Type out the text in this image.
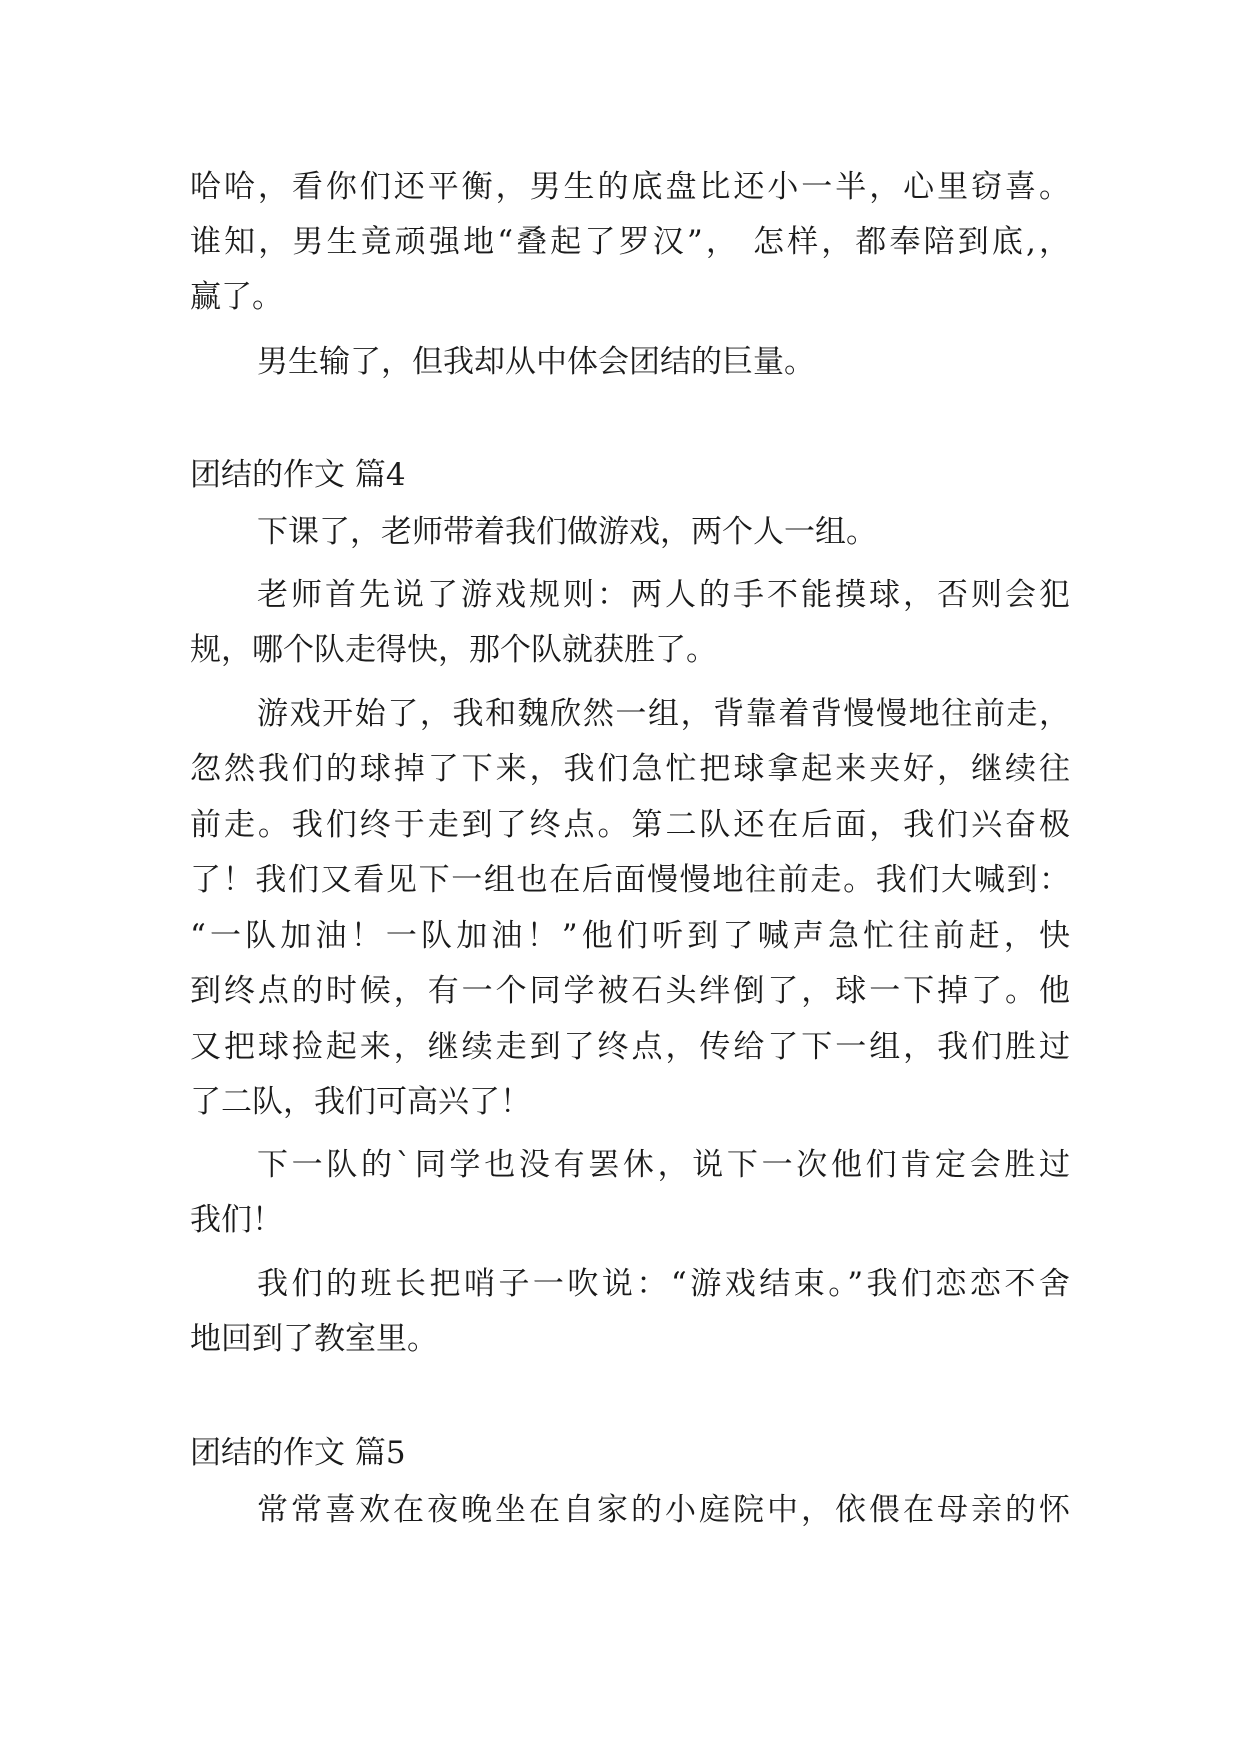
哈哈，看你们还平衡，男生的底盘比还小一半，心里窃喜。
谁知，男生竟顽强地“叠起了罗汉”， 怎样，都奉陪到底,，
赢了。
男生输了，但我却从中体会团结的巨量。
团结的作文 篇4
下课了，老师带着我们做游戏，两个人一组。
老师首先说了游戏规则：两人的手不能摸球，否则会犯
规，哪个队走得快，那个队就获胜了。
游戏开始了，我和魏欣然一组，背靠着背慢慢地往前走，
忽然我们的球掉了下来，我们急忙把球拿起来夹好，继续往
前走。我们终于走到了终点。第二队还在后面，我们兴奋极
了！我们又看见下一组也在后面慢慢地往前走。我们大喊到：
“一队加油！一队加油！”他们听到了喊声急忙往前赶，快
到终点的时候，有一个同学被石头绊倒了，球一下掉了。他
又把球捡起来，继续走到了终点，传给了下一组，我们胜过
了二队，我们可高兴了！
下一队的`同学也没有罢休，说下一次他们肯定会胜过
我们！
我们的班长把哨子一吹说：“游戏结束。”我们恋恋不舍
地回到了教室里。
团结的作文 篇5
常常喜欢在夜晚坐在自家的小庭院中，依偎在母亲的怀
